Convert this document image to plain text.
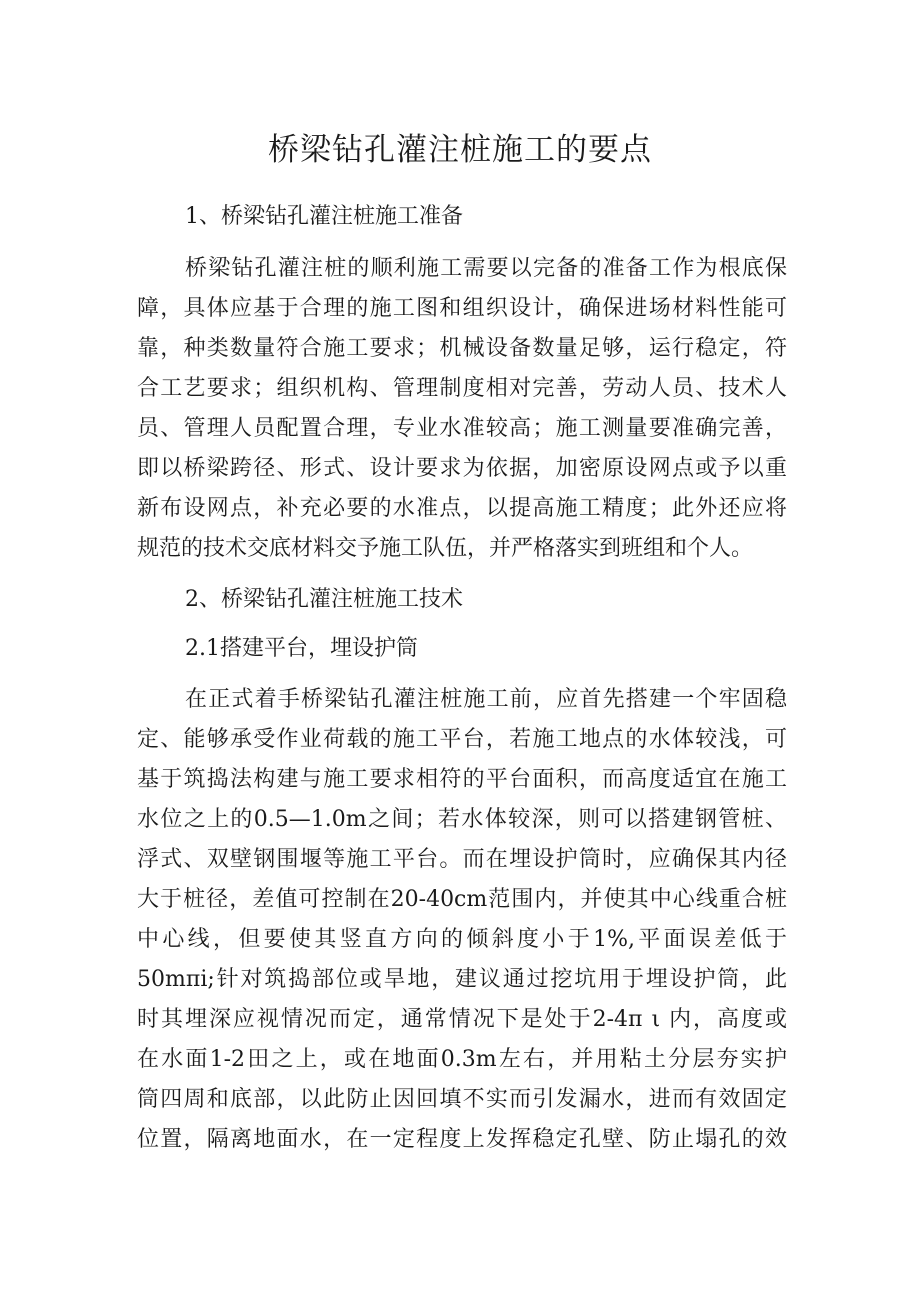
桥梁钻孔灌注桩施工的要点
1、桥梁钻孔灌注桩施工准备
桥梁钻孔灌注桩的顺利施工需要以完备的准备工作为根底保
障，具体应基于合理的施工图和组织设计，确保进场材料性能可
靠，种类数量符合施工要求；机械设备数量足够，运行稳定，符
合工艺要求；组织机构、管理制度相对完善，劳动人员、技术人
员、管理人员配置合理，专业水准较高；施工测量要准确完善，
即以桥梁跨径、形式、设计要求为依据，加密原设网点或予以重
新布设网点，补充必要的水准点，以提高施工精度；此外还应将
规范的技术交底材料交予施工队伍，并严格落实到班组和个人。
2、桥梁钻孔灌注桩施工技术
2.1搭建平台，埋设护筒
在正式着手桥梁钻孔灌注桩施工前，应首先搭建一个牢固稳
定、能够承受作业荷载的施工平台，若施工地点的水体较浅，可
基于筑捣法构建与施工要求相符的平台面积，而高度适宜在施工
水位之上的0.5—1.0m之间；若水体较深，则可以搭建钢管桩、
浮式、双壁钢围堰等施工平台。而在埋设护筒时，应确保其内径
大于桩径，差值可控制在20-40cm范围内，并使其中心线重合桩
中心线，但要使其竖直方向的倾斜度小于1%,平面误差低于
50mπi;针对筑捣部位或旱地，建议通过挖坑用于埋设护筒，此
时其埋深应视情况而定，通常情况下是处于2-4π ι 内，高度或
在水面1-2田之上，或在地面0.3m左右，并用粘土分层夯实护
筒四周和底部，以此防止因回填不实而引发漏水，进而有效固定
位置，隔离地面水，在一定程度上发挥稳定孔壁、防止塌孔的效
